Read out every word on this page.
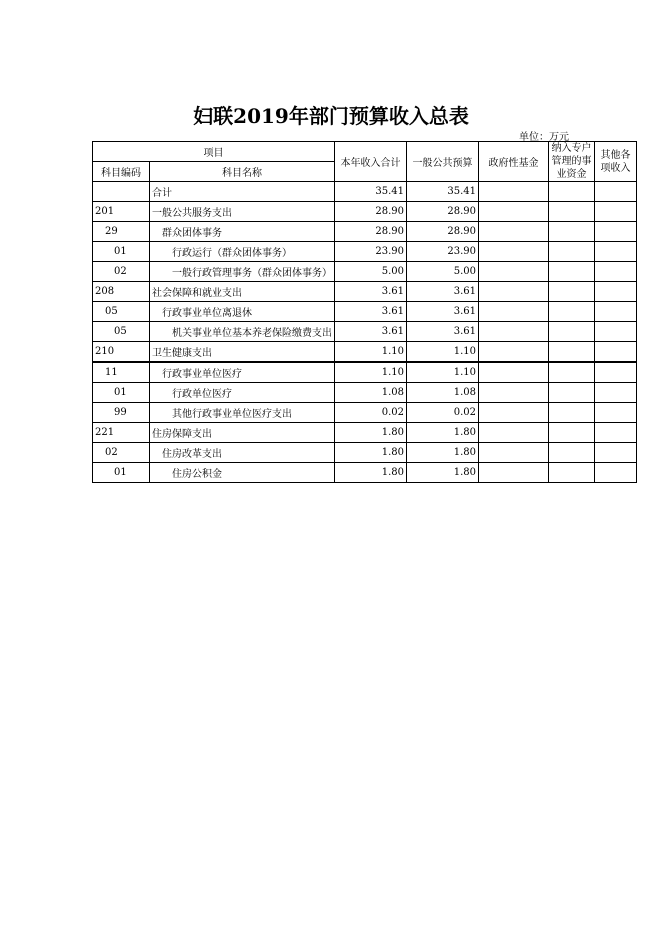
妇联2019年部门预算收入总表
单位：万元
项目		本年收入合计	一般公共预算	政府性基金	纳入专户管理的事业资金	其他各项收入
科目编码	科目名称					
	合计	35.41	35.41			
201	一般公共服务支出	28.90	28.90			
29	群众团体事务	28.90	28.90			
01	行政运行（群众团体事务）	23.90	23.90			
02	一般行政管理事务（群众团体事务）	5.00	5.00			
208	社会保障和就业支出	3.61	3.61			
05	行政事业单位离退休	3.61	3.61			
05	机关事业单位基本养老保险缴费支出	3.61	3.61			
210	卫生健康支出	1.10	1.10			
11	行政事业单位医疗	1.10	1.10			
01	行政单位医疗	1.08	1.08			
99	其他行政事业单位医疗支出	0.02	0.02			
221	住房保障支出	1.80	1.80			
02	住房改革支出	1.80	1.80			
01	住房公积金	1.80	1.80			
